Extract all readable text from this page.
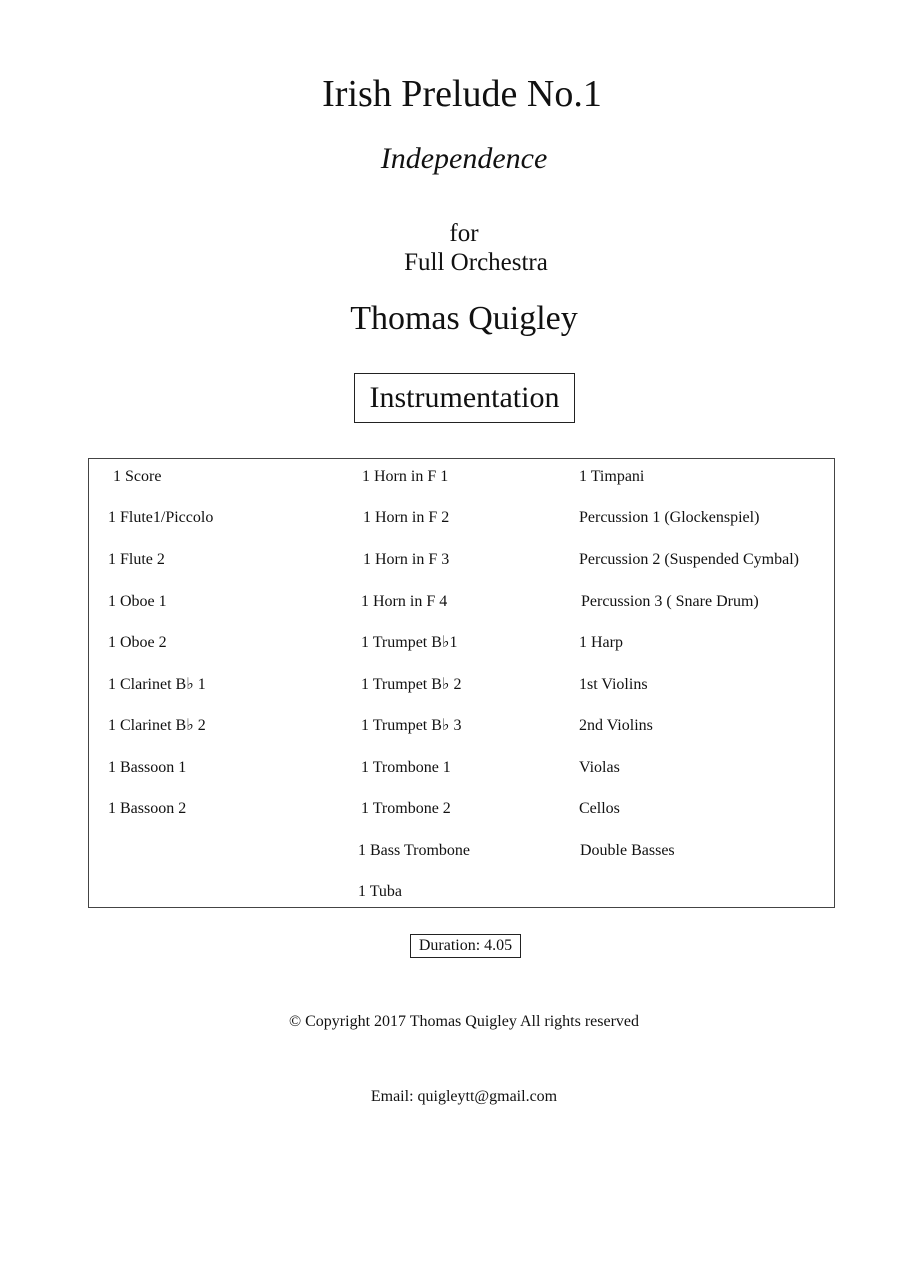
Irish Prelude No.1
Independence
for
Full Orchestra
Thomas Quigley
Instrumentation
1 Score
1 Flute1/Piccolo
1 Flute 2
1 Oboe 1
1 Oboe 2
1 Clarinet B♭ 1
1 Clarinet B♭ 2
1 Bassoon 1
1 Bassoon 2
1 Horn in F 1
1 Horn in F 2
1 Horn in F 3
1 Horn in F 4
1 Trumpet B♭1
1 Trumpet B♭ 2
1 Trumpet B♭ 3
1 Trombone 1
1 Trombone 2
1 Bass Trombone
1 Tuba
1 Timpani
Percussion 1 (Glockenspiel)
Percussion 2 (Suspended Cymbal)
Percussion 3 ( Snare Drum)
1 Harp
1st Violins
2nd Violins
Violas
Cellos
Double Basses
Duration: 4.05
© Copyright 2017 Thomas Quigley All rights reserved
Email: quigleytt@gmail.com
